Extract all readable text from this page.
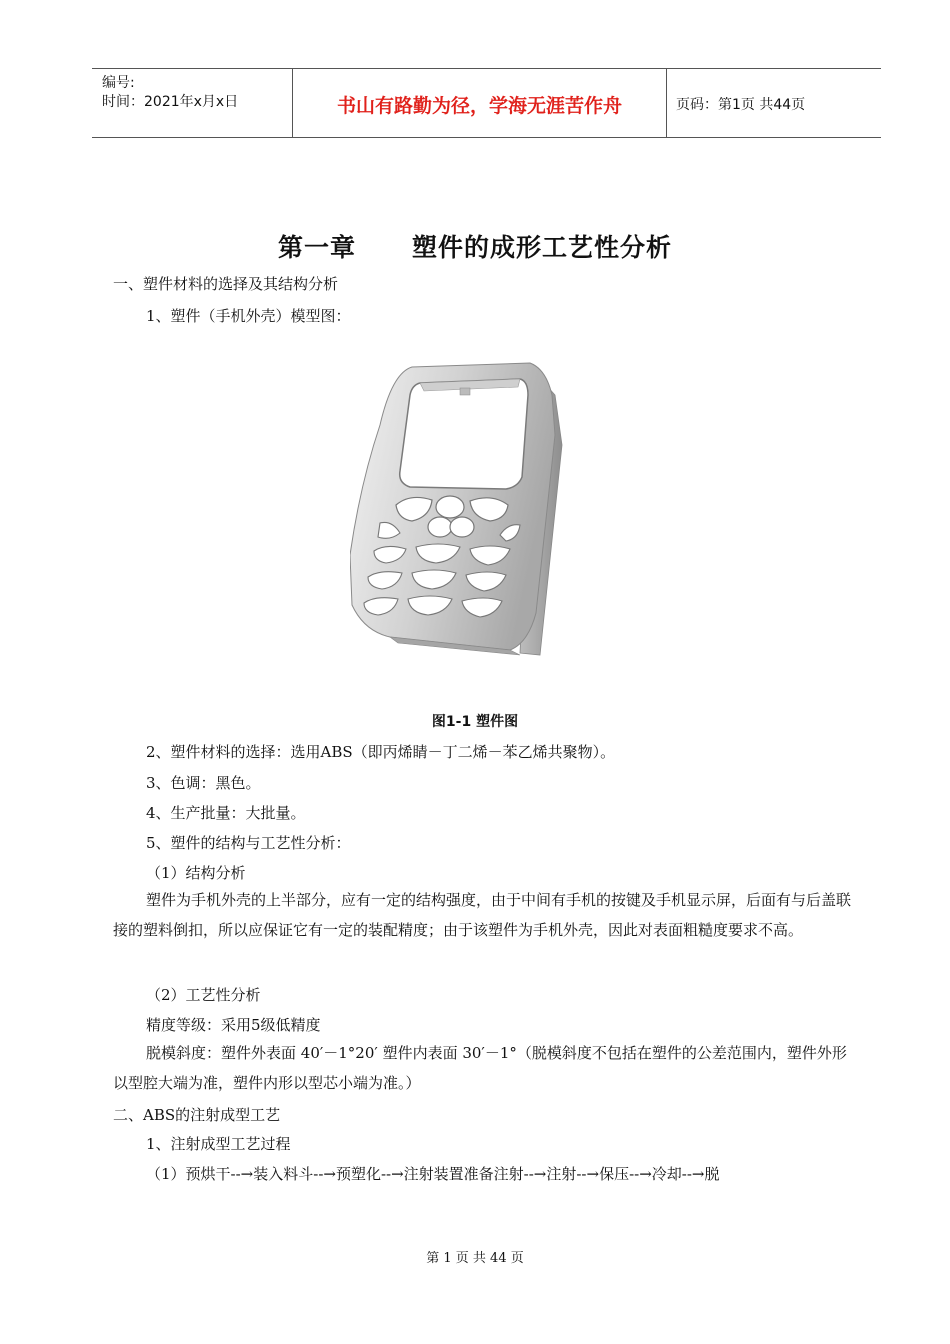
编号:
时间：2021年x月x日	书山有路勤为径，学海无涯苦作舟	页码：第1页 共44页
第一章 塑件的成形工艺性分析
一、塑件材料的选择及其结构分析
1、塑件（手机外壳）模型图：
图1-1 塑件图
2、塑件材料的选择：选用ABS（即丙烯睛－丁二烯－苯乙烯共聚物）。
3、色调：黑色。
4、生产批量：大批量。
5、塑件的结构与工艺性分析：
（1）结构分析
塑件为手机外壳的上半部分，应有一定的结构强度，由于中间有手机的按键及手机显示屏，后面有与后盖联接的塑料倒扣，所以应保证它有一定的装配精度；由于该塑件为手机外壳，因此对表面粗糙度要求不高。
（2）工艺性分析
精度等级：采用5级低精度
脱模斜度：塑件外表面 40′－1°20′ 塑件内表面 30′－1°（脱模斜度不包括在塑件的公差范围内，塑件外形以型腔大端为准，塑件内形以型芯小端为准。）
二、ABS的注射成型工艺
1、注射成型工艺过程
（1）预烘干--→装入料斗--→预塑化--→注射装置准备注射--→注射--→保压--→冷却--→脱
第 1 页 共 44 页
